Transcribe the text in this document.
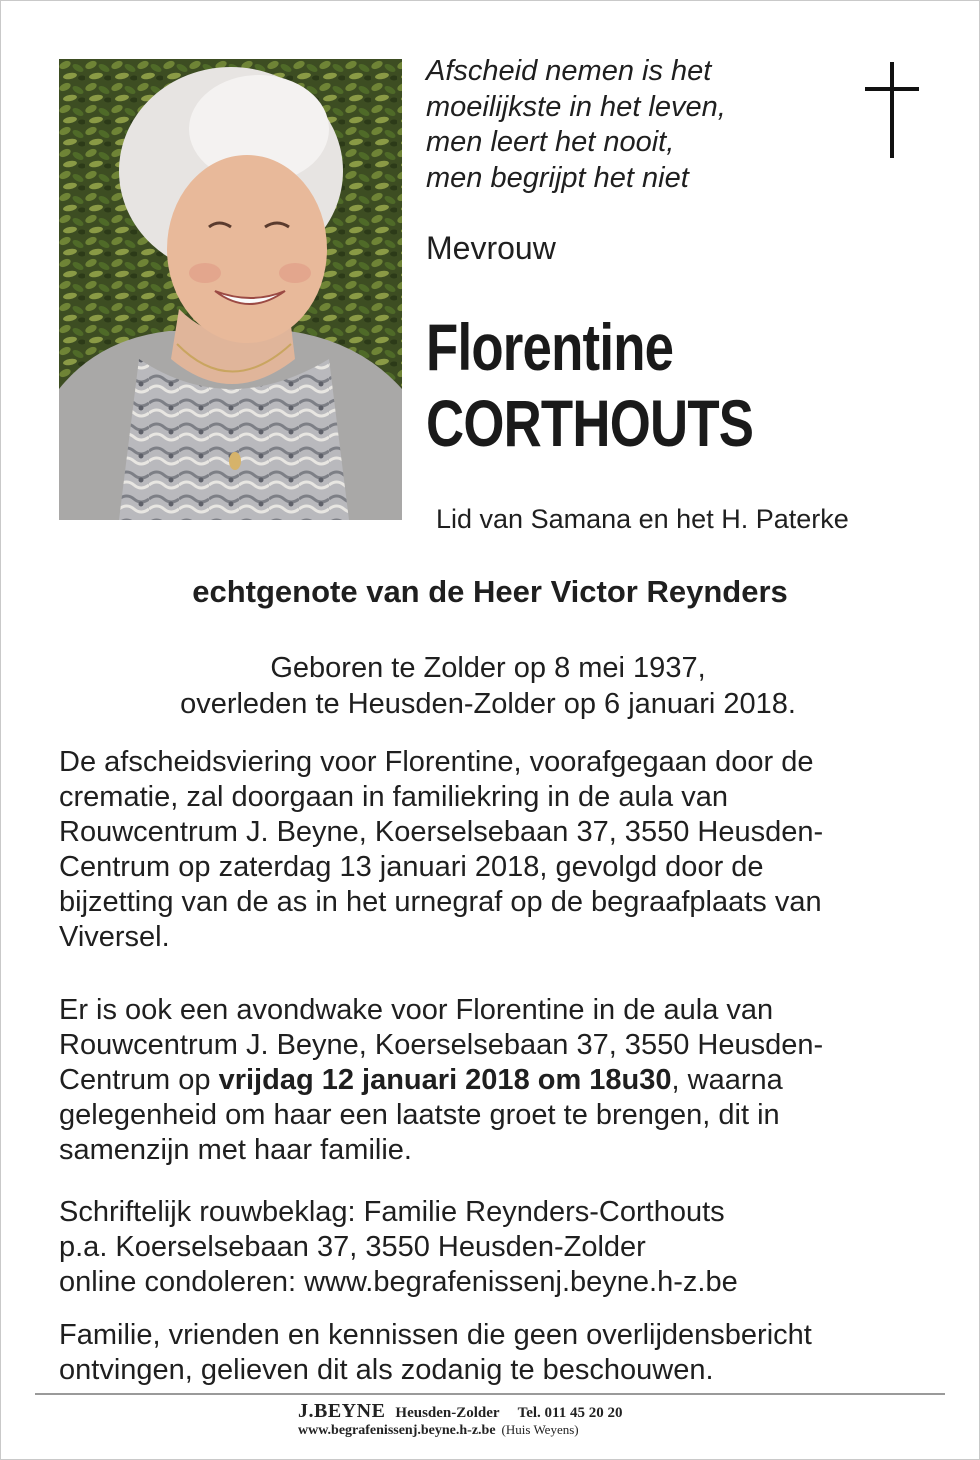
Afscheid nemen is het
moeilijkste in het leven,
men leert het nooit,
men begrijpt het niet
Mevrouw
Florentine
CORTHOUTS
Lid van Samana en het H. Paterke
echtgenote van de Heer Victor Reynders
Geboren te Zolder op 8 mei 1937,
overleden te Heusden-Zolder op 6 januari 2018.
De afscheidsviering voor Florentine, voorafgegaan door de
crematie, zal doorgaan in familiekring in de aula van
Rouwcentrum J. Beyne, Koerselsebaan 37, 3550 Heusden-
Centrum op zaterdag 13 januari 2018, gevolgd door de
bijzetting van de as in het urnegraf op de begraafplaats van
Viversel.
Er is ook een avondwake voor Florentine in de aula van
Rouwcentrum J. Beyne, Koerselsebaan 37, 3550 Heusden-
Centrum op vrijdag 12 januari 2018 om 18u30, waarna
gelegenheid om haar een laatste groet te brengen, dit in
samenzijn met haar familie.
Schriftelijk rouwbeklag: Familie Reynders-Corthouts
p.a. Koerselsebaan 37, 3550 Heusden-Zolder
online condoleren: www.begrafenissenj.beyne.h-z.be
Familie, vrienden en kennissen die geen overlijdensbericht
ontvingen, gelieven dit als zodanig te beschouwen.
J.BEYNE Heusden-Zolder Tel. 011 45 20 20
www.begrafenissenj.beyne.h-z.be (Huis Weyens)
